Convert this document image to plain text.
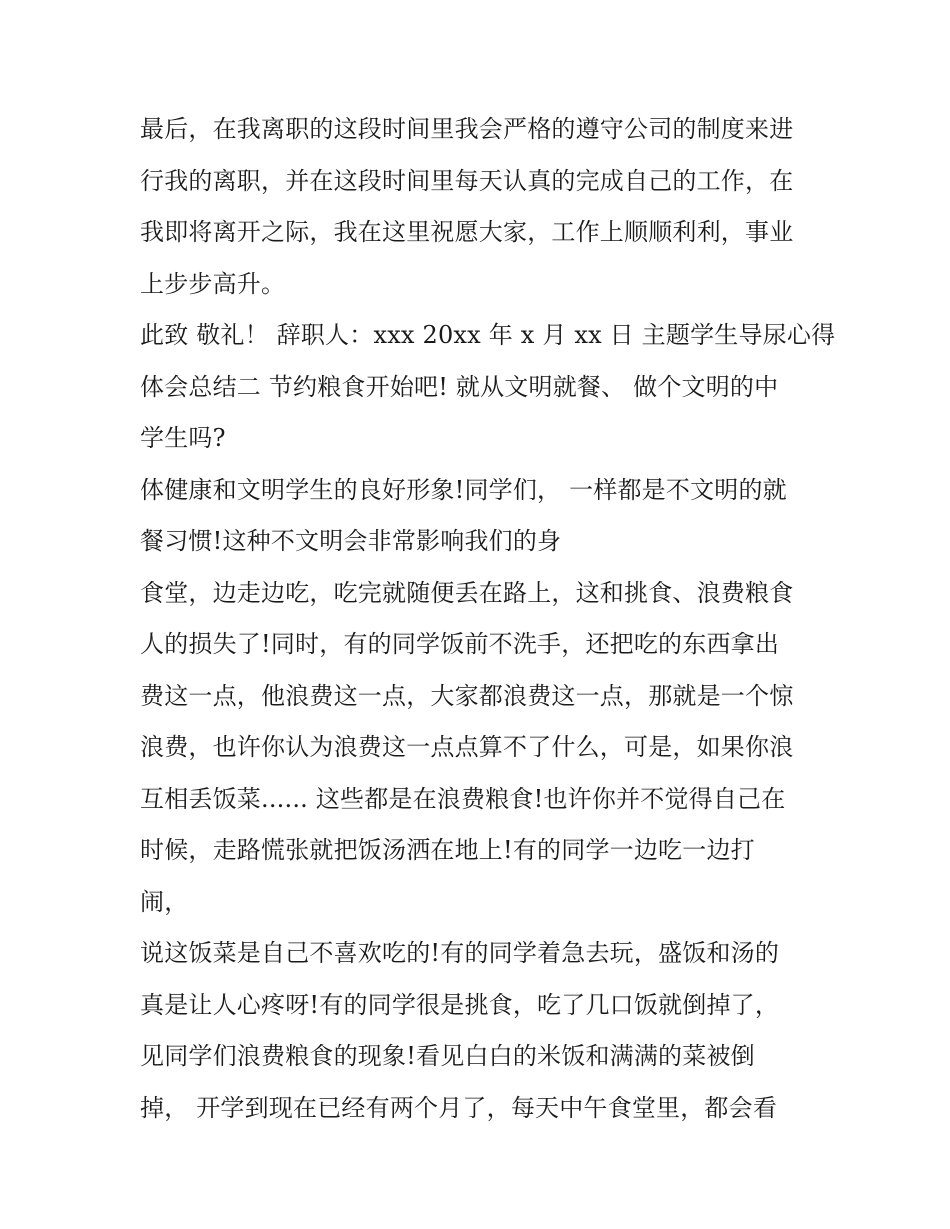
最后，在我离职的这段时间里我会严格的遵守公司的制度来进
行我的离职，并在这段时间里每天认真的完成自己的工作，在
我即将离开之际，我在这里祝愿大家，工作上顺顺利利，事业
上步步高升。
此致 敬礼！ 辞职人：xxx 20xx 年 x 月 xx 日 主题学生导尿心得
体会总结二 节约粮食开始吧! 就从文明就餐、 做个文明的中
学生吗?
体健康和文明学生的良好形象!同学们， 一样都是不文明的就
餐习惯!这种不文明会非常影响我们的身
食堂，边走边吃，吃完就随便丢在路上，这和挑食、浪费粮食
人的损失了!同时，有的同学饭前不洗手，还把吃的东西拿出
费这一点，他浪费这一点，大家都浪费这一点，那就是一个惊
浪费，也许你认为浪费这一点点算不了什么，可是，如果你浪
互相丢饭菜...... 这些都是在浪费粮食!也许你并不觉得自己在
时候，走路慌张就把饭汤洒在地上!有的同学一边吃一边打
闹，
说这饭菜是自己不喜欢吃的!有的同学着急去玩，盛饭和汤的
真是让人心疼呀!有的同学很是挑食，吃了几口饭就倒掉了，
见同学们浪费粮食的现象!看见白白的米饭和满满的菜被倒
掉， 开学到现在已经有两个月了，每天中午食堂里，都会看
